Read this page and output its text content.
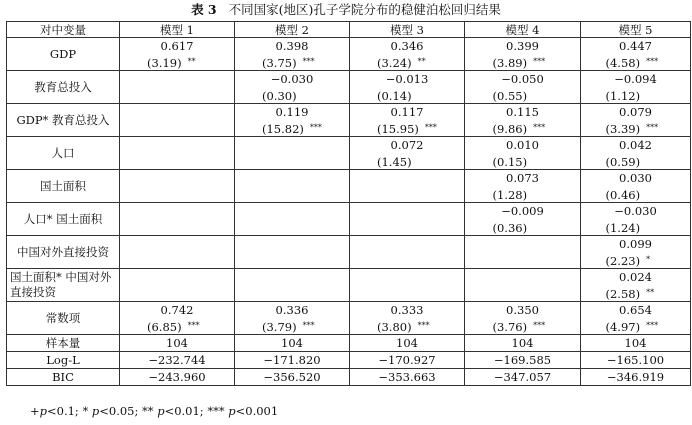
表 3 不同国家(地区)孔子学院分布的稳健泊松回归结果
对中变量	模型 1	模型 2	模型 3	模型 4	模型 5
GDP	0.617	0.398	0.346	0.399	0.447
	(3.19) **	(3.75) ***	(3.24) **	(3.89) ***	(4.58) ***
教育总投入		−0.030	−0.013	−0.050	−0.094
		(0.30)	(0.14)	(0.55)	(1.12)
GDP* 教育总投入		0.119	0.117	0.115	0.079
		(15.82) ***	(15.95) ***	(9.86) ***	(3.39) ***
人口			0.072	0.010	0.042
			(1.45)	(0.15)	(0.59)
国土面积				0.073	0.030
				(1.28)	(0.46)
人口* 国土面积				−0.009	−0.030
				(0.36)	(1.24)
中国对外直接投资					0.099
					(2.23) *
国土面积* 中国对外直接投资					0.024
					(2.58) **
常数项	0.742	0.336	0.333	0.350	0.654
	(6.85) ***	(3.79) ***	(3.80) ***	(3.76) ***	(4.97) ***
样本量	104	104	104	104	104
Log-L	−232.744	−171.820	−170.927	−169.585	−165.100
BIC	−243.960	−356.520	−353.663	−347.057	−346.919
+p<0.1; * p<0.05; ** p<0.01; *** p<0.001
